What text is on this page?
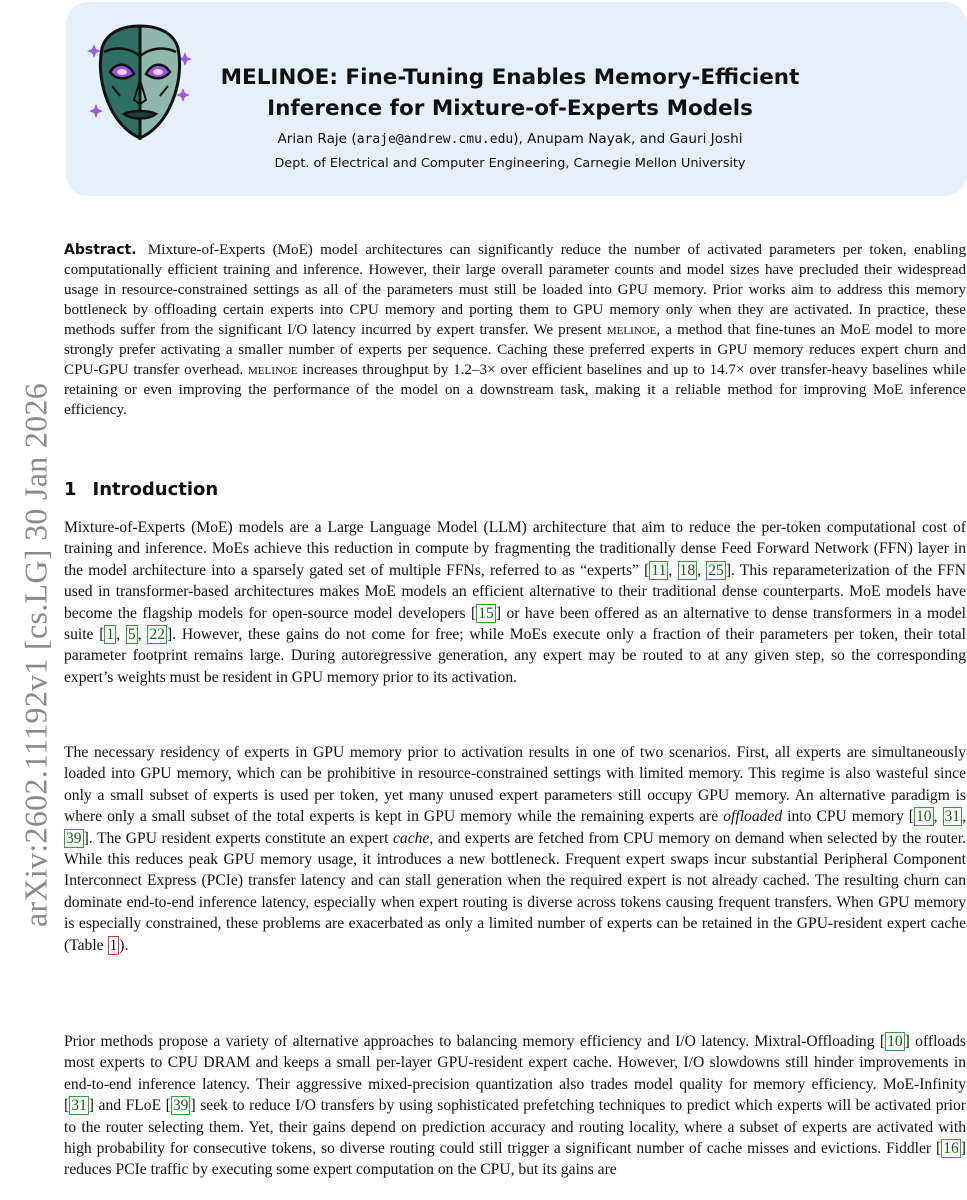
arXiv:2602.11192v1 [cs.LG] 30 Jan 2026
MELINOE: Fine-Tuning Enables Memory-Efficient
Inference for Mixture-of-Experts Models
Arian Raje (araje@andrew.cmu.edu), Anupam Nayak, and Gauri Joshi
Dept. of Electrical and Computer Engineering, Carnegie Mellon University

Abstract. Mixture-of-Experts (MoE) model architectures can significantly reduce the number of activated parameters per token, enabling computationally efficient training and inference. However, their large overall parameter counts and model sizes have precluded their widespread usage in resource-constrained settings as all of the parameters must still be loaded into GPU memory. Prior works aim to address this memory bottleneck by offloading certain experts into CPU memory and porting them to GPU memory only when they are activated. In practice, these methods suffer from the significant I/O latency incurred by expert transfer. We present melinoe, a method that fine-tunes an MoE model to more strongly prefer activating a smaller number of experts per sequence. Caching these preferred experts in GPU memory reduces expert churn and CPU-GPU transfer overhead. melinoe increases throughput by 1.2–3× over efficient baselines and up to 14.7× over transfer-heavy baselines while retaining or even improving the performance of the model on a downstream task, making it a reliable method for improving MoE inference efficiency.

1 Introduction

Mixture-of-Experts (MoE) models are a Large Language Model (LLM) architecture that aim to reduce the per-token computational cost of training and inference. MoEs achieve this reduction in compute by fragmenting the traditionally dense Feed Forward Network (FFN) layer in the model architecture into a sparsely gated set of multiple FFNs, referred to as “experts” [ 11 , 18 , 25 ]. This reparameterization of the FFN used in transformer-based architectures makes MoE models an efficient alternative to their traditional dense counterparts. MoE models have become the flagship models for open-source model developers [ 15 ] or have been offered as an alternative to dense transformers in a model suite [ 1 , 5 , 22 ]. However, these gains do not come for free; while MoEs execute only a fraction of their parameters per token, their total parameter footprint remains large. During autoregressive generation, any expert may be routed to at any given step, so the corresponding expert’s weights must be resident in GPU memory prior to its activation.

The necessary residency of experts in GPU memory prior to activation results in one of two scenarios. First, all experts are simultaneously loaded into GPU memory, which can be prohibitive in resource-constrained settings with limited memory. This regime is also wasteful since only a small subset of experts is used per token, yet many unused expert parameters still occupy GPU memory. An alternative paradigm is where only a small subset of the total experts is kept in GPU memory while the remaining experts are offloaded into CPU memory [ 10 , 31 , 39 ]. The GPU resident experts constitute an expert cache, and experts are fetched from CPU memory on demand when selected by the router. While this reduces peak GPU memory usage, it introduces a new bottleneck. Frequent expert swaps incur substantial Peripheral Component Interconnect Express (PCIe) transfer latency and can stall generation when the required expert is not already cached. The resulting churn can dominate end-to-end inference latency, especially when expert routing is diverse across tokens causing frequent transfers. When GPU memory is especially constrained, these problems are exacerbated as only a limited number of experts can be retained in the GPU-resident expert cache (Table 1 ).

Prior methods propose a variety of alternative approaches to balancing memory efficiency and I/O latency. Mixtral-Offloading [ 10 ] offloads most experts to CPU DRAM and keeps a small per-layer GPU-resident expert cache. However, I/O slowdowns still hinder improvements in end-to-end inference latency. Their aggressive mixed-precision quantization also trades model quality for memory efficiency. MoE-Infinity [ 31 ] and FLoE [ 39 ] seek to reduce I/O transfers by using sophisticated prefetching techniques to predict which experts will be activated prior to the router selecting them. Yet, their gains depend on prediction accuracy and routing locality, where a subset of experts are activated with high probability for consecutive tokens, so diverse routing could still trigger a significant number of cache misses and evictions. Fiddler [ 16 ] reduces PCIe traffic by executing some expert computation on the CPU, but its gains are
